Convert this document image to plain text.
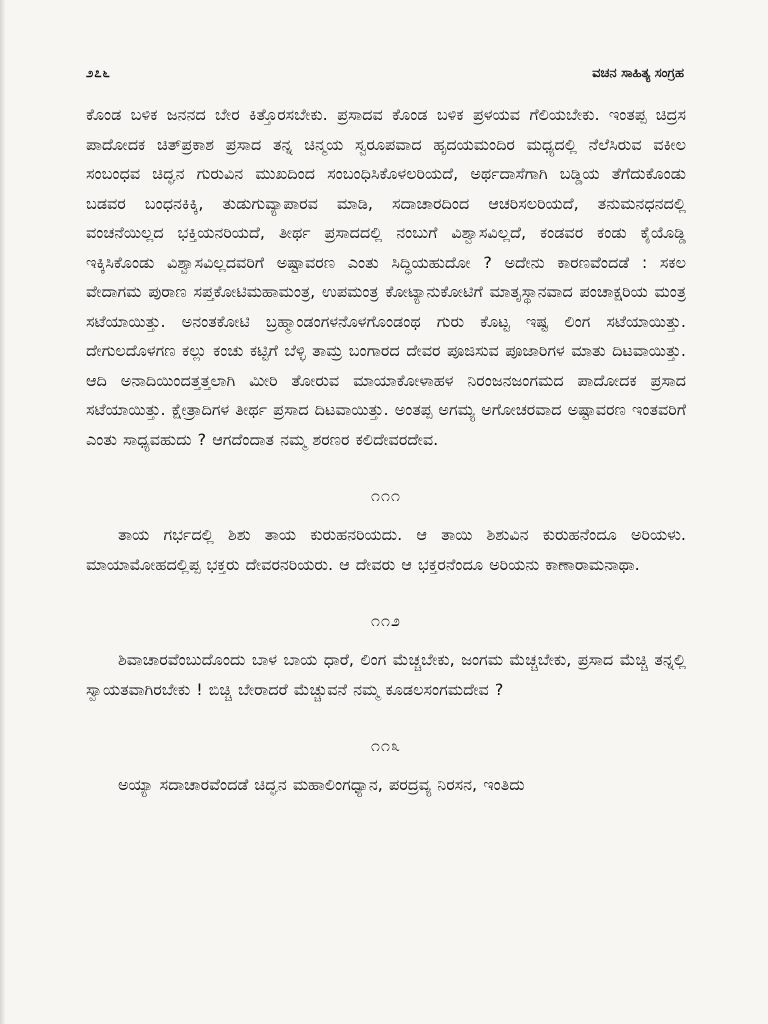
೨೭೬	ವಚನ ಸಾಹಿತ್ಯ ಸಂಗ್ರಹ

ಕೊಂಡ ಬಳಿಕ ಜನನದ ಬೇರ ಕಿತ್ತೊರಸಬೇಕು. ಪ್ರಸಾದವ ಕೊಂಡ ಬಳಿಕ ಪ್ರಳಯವ ಗೆಲಿಯಬೇಕು. ಇಂತಪ್ಪ ಚಿದ್ರಸ ಪಾದೋದಕ ಚಿತ್‌ಪ್ರಕಾಶ ಪ್ರಸಾದ ತನ್ನ ಚಿನ್ಮಯ ಸ್ವರೂಪವಾದ ಹೃದಯಮಂದಿರ ಮಧ್ಯದಲ್ಲಿ ನೆಲೆಸಿರುವ ವಕೀಲ ಸಂಬಂಧವ ಚಿದ್ಘನ ಗುರುವಿನ ಮುಖದಿಂದ ಸಂಬಂಧಿಸಿಕೊಳಲರಿಯದೆ, ಅರ್ಥದಾಸೆಗಾಗಿ ಬಡ್ಡಿಯ ತೆಗೆದುಕೊಂಡು ಬಡವರ ಬಂಧನಕಿಕ್ಕಿ, ತುಡುಗುವ್ಯಾಪಾರವ ಮಾಡಿ, ಸದಾಚಾರದಿಂದ ಆಚರಿಸಲರಿಯದೆ, ತನುಮನಧನದಲ್ಲಿ ವಂಚನೆಯಿಲ್ಲದ ಭಕ್ತಿಯನರಿಯದೆ, ತೀರ್ಥ ಪ್ರಸಾದದಲ್ಲಿ ನಂಬುಗೆ ವಿಶ್ವಾಸವಿಲ್ಲದೆ, ಕಂಡವರ ಕಂಡು ಕೈಯೊಡ್ಡಿ ಇಕ್ಕಿಸಿಕೊಂಡು ವಿಶ್ವಾಸವಿಲ್ಲದವರಿಗೆ ಅಷ್ಟಾವರಣ ಎಂತು ಸಿದ್ಧಿಯಹುದೋ ? ಅದೇನು ಕಾರಣವೆಂದಡೆ : ಸಕಲ ವೇದಾಗಮ ಪುರಾಣ ಸಪ್ತಕೋಟಿಮಹಾಮಂತ್ರ, ಉಪಮಂತ್ರ ಕೋಟ್ಯಾನುಕೋಟಿಗೆ ಮಾತೃಸ್ಥಾನವಾದ ಪಂಚಾಕ್ಷರಿಯ ಮಂತ್ರ ಸಟೆಯಾಯಿತ್ತು. ಅನಂತಕೋಟಿ ಬ್ರಹ್ಮಾಂಡಂಗಳನೊಳಗೊಂಡಂಥ ಗುರು ಕೊಟ್ಟ ಇಷ್ಟ ಲಿಂಗ ಸಟೆಯಾಯಿತ್ತು. ದೇಗುಲದೊಳಗಣ ಕಲ್ಲು ಕಂಚು ಕಟ್ಟಿಗೆ ಬೆಳ್ಳಿ ತಾಮ್ರ ಬಂಗಾರದ ದೇವರ ಪೂಜಿಸುವ ಪೂಜಾರಿಗಳ ಮಾತು ದಿಟವಾಯಿತ್ತು. ಆದಿ ಅನಾದಿಯಿಂದತ್ತತ್ತಲಾಗಿ ಮೀರಿ ತೋರುವ ಮಾಯಾಕೋಳಾಹಳ ನಿರಂಜನಜಂಗಮದ ಪಾದೋದಕ ಪ್ರಸಾದ ಸಟೆಯಾಯಿತ್ತು. ಕ್ಷೇತ್ರಾದಿಗಳ ತೀರ್ಥ ಪ್ರಸಾದ ದಿಟವಾಯಿತ್ತು. ಅಂತಪ್ಪ ಅಗಮ್ಯ ಅಗೋಚರವಾದ ಅಷ್ಟಾವರಣ ಇಂತವರಿಗೆ ಎಂತು ಸಾಧ್ಯವಹುದು ? ಆಗದೆಂದಾತ ನಮ್ಮ ಶರಣರ ಕಲಿದೇವರದೇವ.

೧೧೧

ತಾಯ ಗರ್ಭದಲ್ಲಿ ಶಿಶು ತಾಯ ಕುರುಹನರಿಯದು. ಆ ತಾಯಿ ಶಿಶುವಿನ ಕುರುಹನೆಂದೂ ಅರಿಯಳು. ಮಾಯಾಮೋಹದಲ್ಲಿಪ್ಪ ಭಕ್ತರು ದೇವರನರಿಯರು. ಆ ದೇವರು ಆ ಭಕ್ತರನೆಂದೂ ಅರಿಯನು ಕಾಣಾರಾಮನಾಥಾ.

೧೧೨

ಶಿವಾಚಾರವೆಂಬುದೊಂದು ಬಾಳ ಬಾಯ ಧಾರೆ, ಲಿಂಗ ಮೆಚ್ಚಬೇಕು, ಜಂಗಮ ಮೆಚ್ಚಬೇಕು, ಪ್ರಸಾದ ಮೆಚ್ಚಿ ತನ್ನಲ್ಲಿ ಸ್ವಾಯತವಾಗಿರಬೇಕು ! ಬಿಚ್ಚಿ ಬೇರಾದರೆ ಮೆಚ್ಚುವನೆ ನಮ್ಮ ಕೂಡಲಸಂಗಮದೇವ ?

೧೧೩

ಅಯ್ಯಾ ಸದಾಚಾರವೆಂದಡೆ ಚಿದ್ಘನ ಮಹಾಲಿಂಗಧ್ಯಾನ, ಪರದ್ರವ್ಯ ನಿರಸನ, ಇಂತಿದು
